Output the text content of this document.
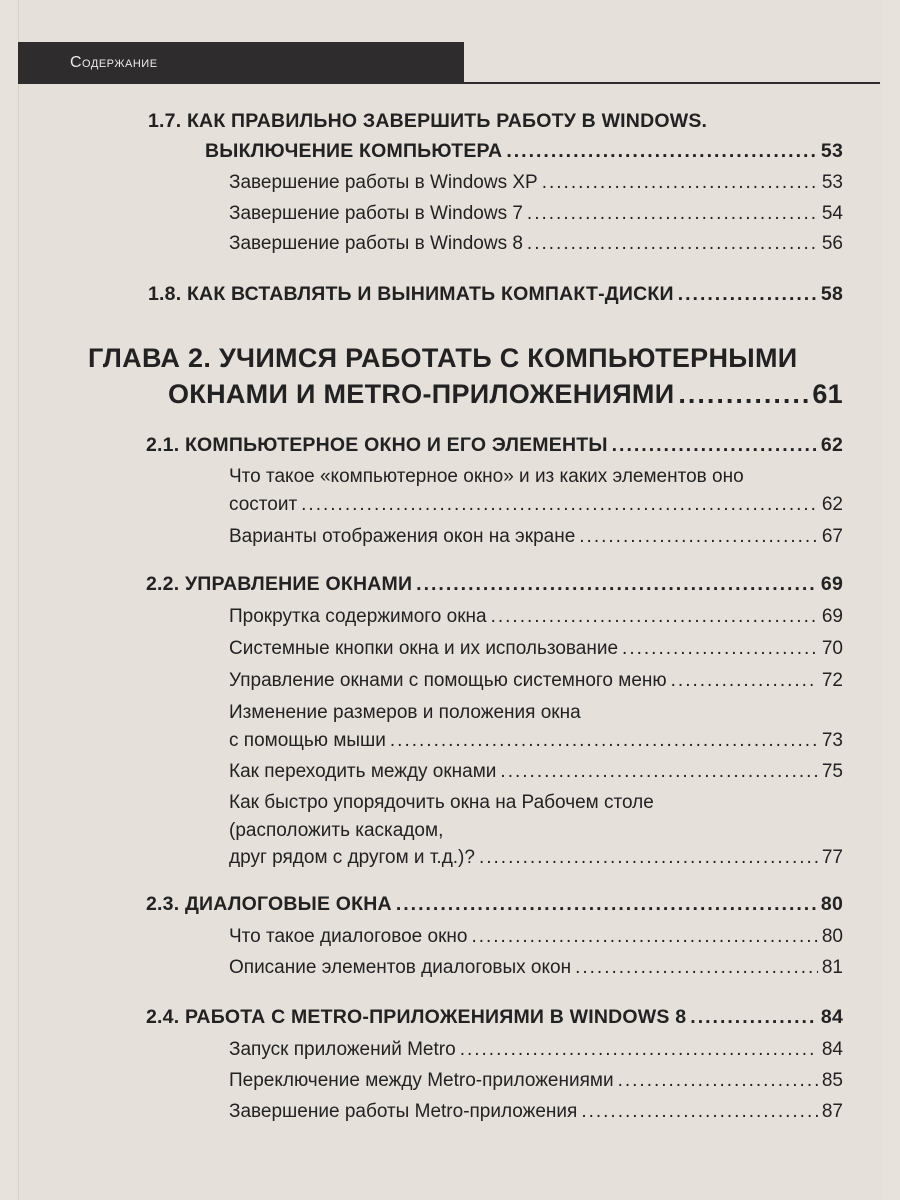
Содержание
1.7. КАК ПРАВИЛЬНО ЗАВЕРШИТЬ РАБОТУ В WINDOWS.
ВЫКЛЮЧЕНИЕ КОМПЬЮТЕРА .....	53
Завершение работы в Windows XP .....	53
Завершение работы в Windows 7 .....	54
Завершение работы в Windows 8 .....	56
1.8. КАК ВСТАВЛЯТЬ И ВЫНИМАТЬ КОМПАКТ-ДИСКИ .....	58
ГЛАВА 2. УЧИМСЯ РАБОТАТЬ С КОМПЬЮТЕРНЫМИ
ОКНАМИ И METRO-ПРИЛОЖЕНИЯМИ .....	61
2.1. КОМПЬЮТЕРНОЕ ОКНО И ЕГО ЭЛЕМЕНТЫ .....	62
Что такое «компьютерное окно» и из каких элементов оно
состоит .....	62
Варианты отображения окон на экране .....	67
2.2. УПРАВЛЕНИЕ ОКНАМИ .....	69
Прокрутка содержимого окна .....	69
Системные кнопки окна и их использование .....	70
Управление окнами с помощью системного меню .....	72
Изменение размеров и положения окна
с помощью мыши .....	73
Как переходить между окнами .....	75
Как быстро упорядочить окна на Рабочем столе
(расположить каскадом,
друг рядом с другом и т.д.)? .....	77
2.3. ДИАЛОГОВЫЕ ОКНА .....	80
Что такое диалоговое окно .....	80
Описание элементов диалоговых окон .....	81
2.4. РАБОТА С METRO-ПРИЛОЖЕНИЯМИ В WINDOWS 8 .....	84
Запуск приложений Metro .....	84
Переключение между Metro-приложениями .....	85
Завершение работы Metro-приложения .....	87
